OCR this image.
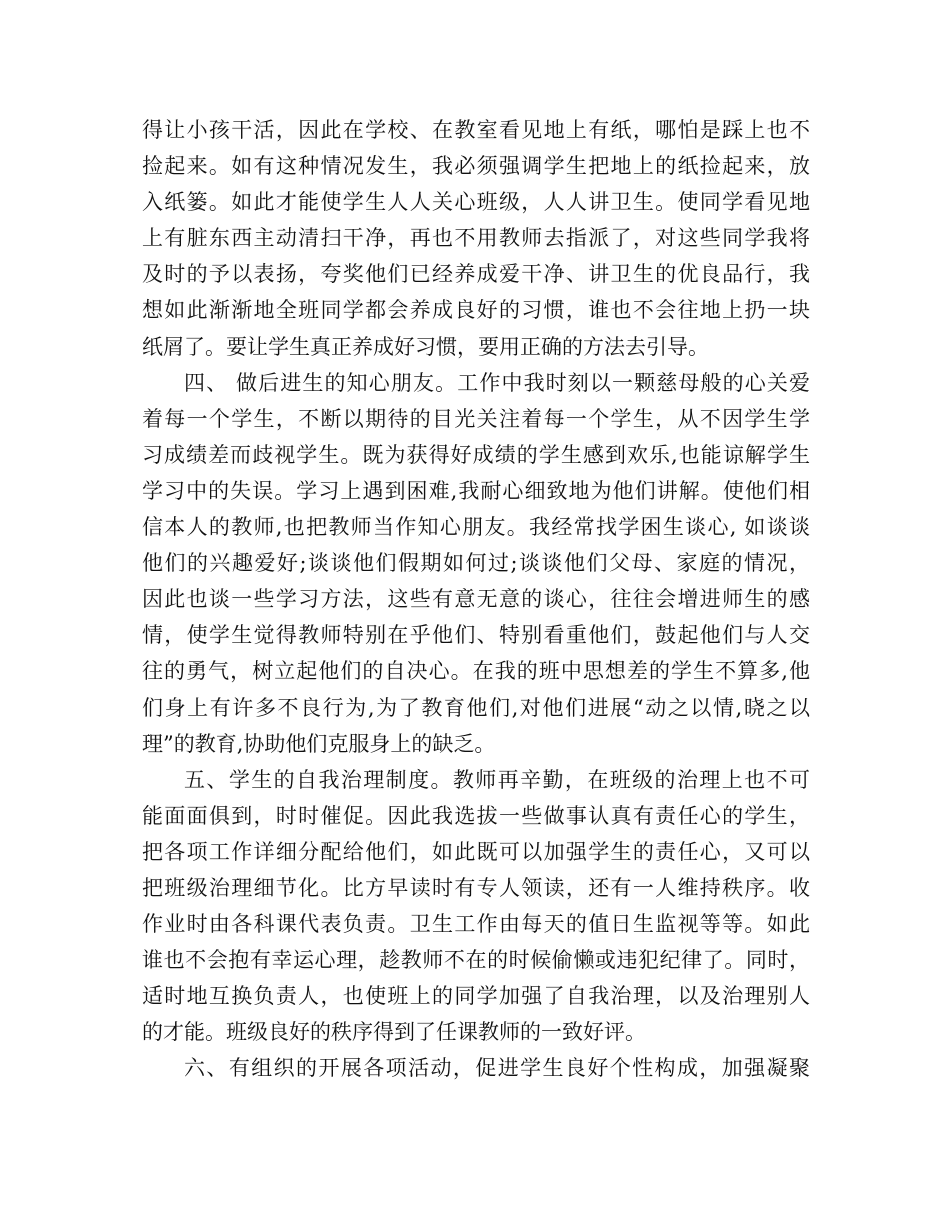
得让小孩干活，因此在学校、在教室看见地上有纸，哪怕是踩上也不
捡起来。如有这种情况发生，我必须强调学生把地上的纸捡起来，放
入纸篓。如此才能使学生人人关心班级，人人讲卫生。使同学看见地
上有脏东西主动清扫干净，再也不用教师去指派了，对这些同学我将
及时的予以表扬，夸奖他们已经养成爱干净、讲卫生的优良品行，我
想如此渐渐地全班同学都会养成良好的习惯，谁也不会往地上扔一块
纸屑了。要让学生真正养成好习惯，要用正确的方法去引导。
四、 做后进生的知心朋友。工作中我时刻以一颗慈母般的心关爱
着每一个学生，不断以期待的目光关注着每一个学生，从不因学生学
习成绩差而歧视学生。既为获得好成绩的学生感到欢乐,也能谅解学生
学习中的失误。学习上遇到困难,我耐心细致地为他们讲解。使他们相
信本人的教师,也把教师当作知心朋友。我经常找学困生谈心, 如谈谈
他们的兴趣爱好;谈谈他们假期如何过;谈谈他们父母、家庭的情况，
因此也谈一些学习方法，这些有意无意的谈心，往往会增进师生的感
情，使学生觉得教师特别在乎他们、特别看重他们，鼓起他们与人交
往的勇气，树立起他们的自决心。在我的班中思想差的学生不算多,他
们身上有许多不良行为,为了教育他们,对他们进展“动之以情,晓之以
理”的教育,协助他们克服身上的缺乏。
五、学生的自我治理制度。教师再辛勤，在班级的治理上也不可
能面面俱到，时时催促。因此我选拔一些做事认真有责任心的学生，
把各项工作详细分配给他们，如此既可以加强学生的责任心，又可以
把班级治理细节化。比方早读时有专人领读，还有一人维持秩序。收
作业时由各科课代表负责。卫生工作由每天的值日生监视等等。如此
谁也不会抱有幸运心理，趁教师不在的时候偷懒或违犯纪律了。同时，
适时地互换负责人，也使班上的同学加强了自我治理，以及治理别人
的才能。班级良好的秩序得到了任课教师的一致好评。
六、有组织的开展各项活动，促进学生良好个性构成，加强凝聚
